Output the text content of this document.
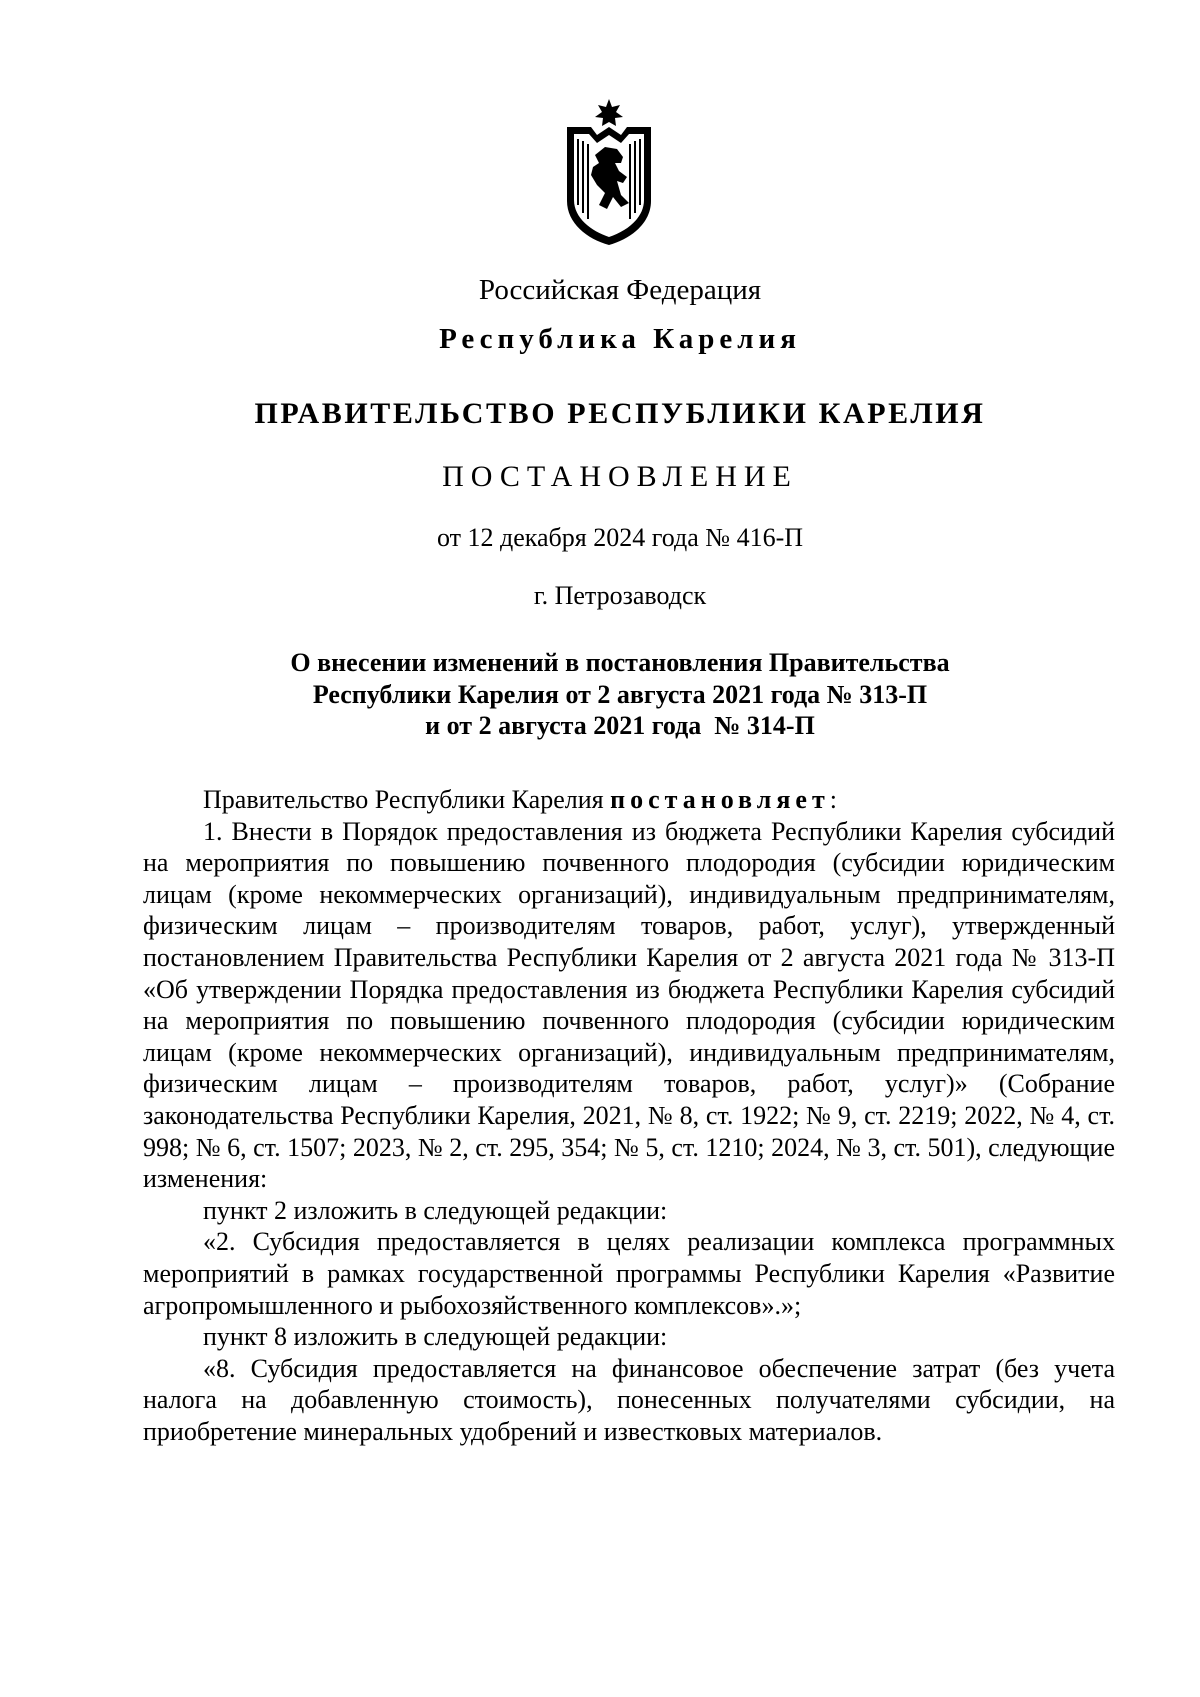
Российская Федерация
Республика Карелия
ПРАВИТЕЛЬСТВО РЕСПУБЛИКИ КАРЕЛИЯ
ПОСТАНОВЛЕНИЕ
от 12 декабря 2024 года № 416-П
г. Петрозаводск
О внесении изменений в постановления Правительства
Республики Карелия от 2 августа 2021 года № 313-П
и от 2 августа 2021 года  № 314-П

Правительство Республики Карелия постановляет:

1. Внести в Порядок предоставления из бюджета Республики Карелия субсидий на мероприятия по повышению почвенного плодородия (субсидии юридическим лицам (кроме некоммерческих организаций), индивидуальным предпринимателям, физическим лицам – производителям товаров, работ, услуг), утвержденный постановлением Правительства Республики Карелия от 2 августа 2021 года № 313-П «Об утверждении Порядка предоставления из бюджета Республики Карелия субсидий на мероприятия по повышению почвенного плодородия (субсидии юридическим лицам (кроме некоммерческих организаций), индивидуальным предпринимателям, физическим лицам – производителям товаров, работ, услуг)» (Собрание законодательства Республики Карелия, 2021, № 8, ст. 1922; № 9, ст. 2219; 2022, № 4, ст. 998; № 6, ст. 1507; 2023, № 2, ст. 295, 354; № 5, ст. 1210; 2024, № 3, ст. 501), следующие изменения:

пункт 2 изложить в следующей редакции:

«2. Субсидия предоставляется в целях реализации комплекса программных мероприятий в рамках государственной программы Республики Карелия «Развитие агропромышленного и рыбохозяйственного комплексов».»;

пункт 8 изложить в следующей редакции:

«8. Субсидия предоставляется на финансовое обеспечение затрат (без учета налога на добавленную стоимость), понесенных получателями субсидии, на приобретение минеральных удобрений и известковых материалов.
